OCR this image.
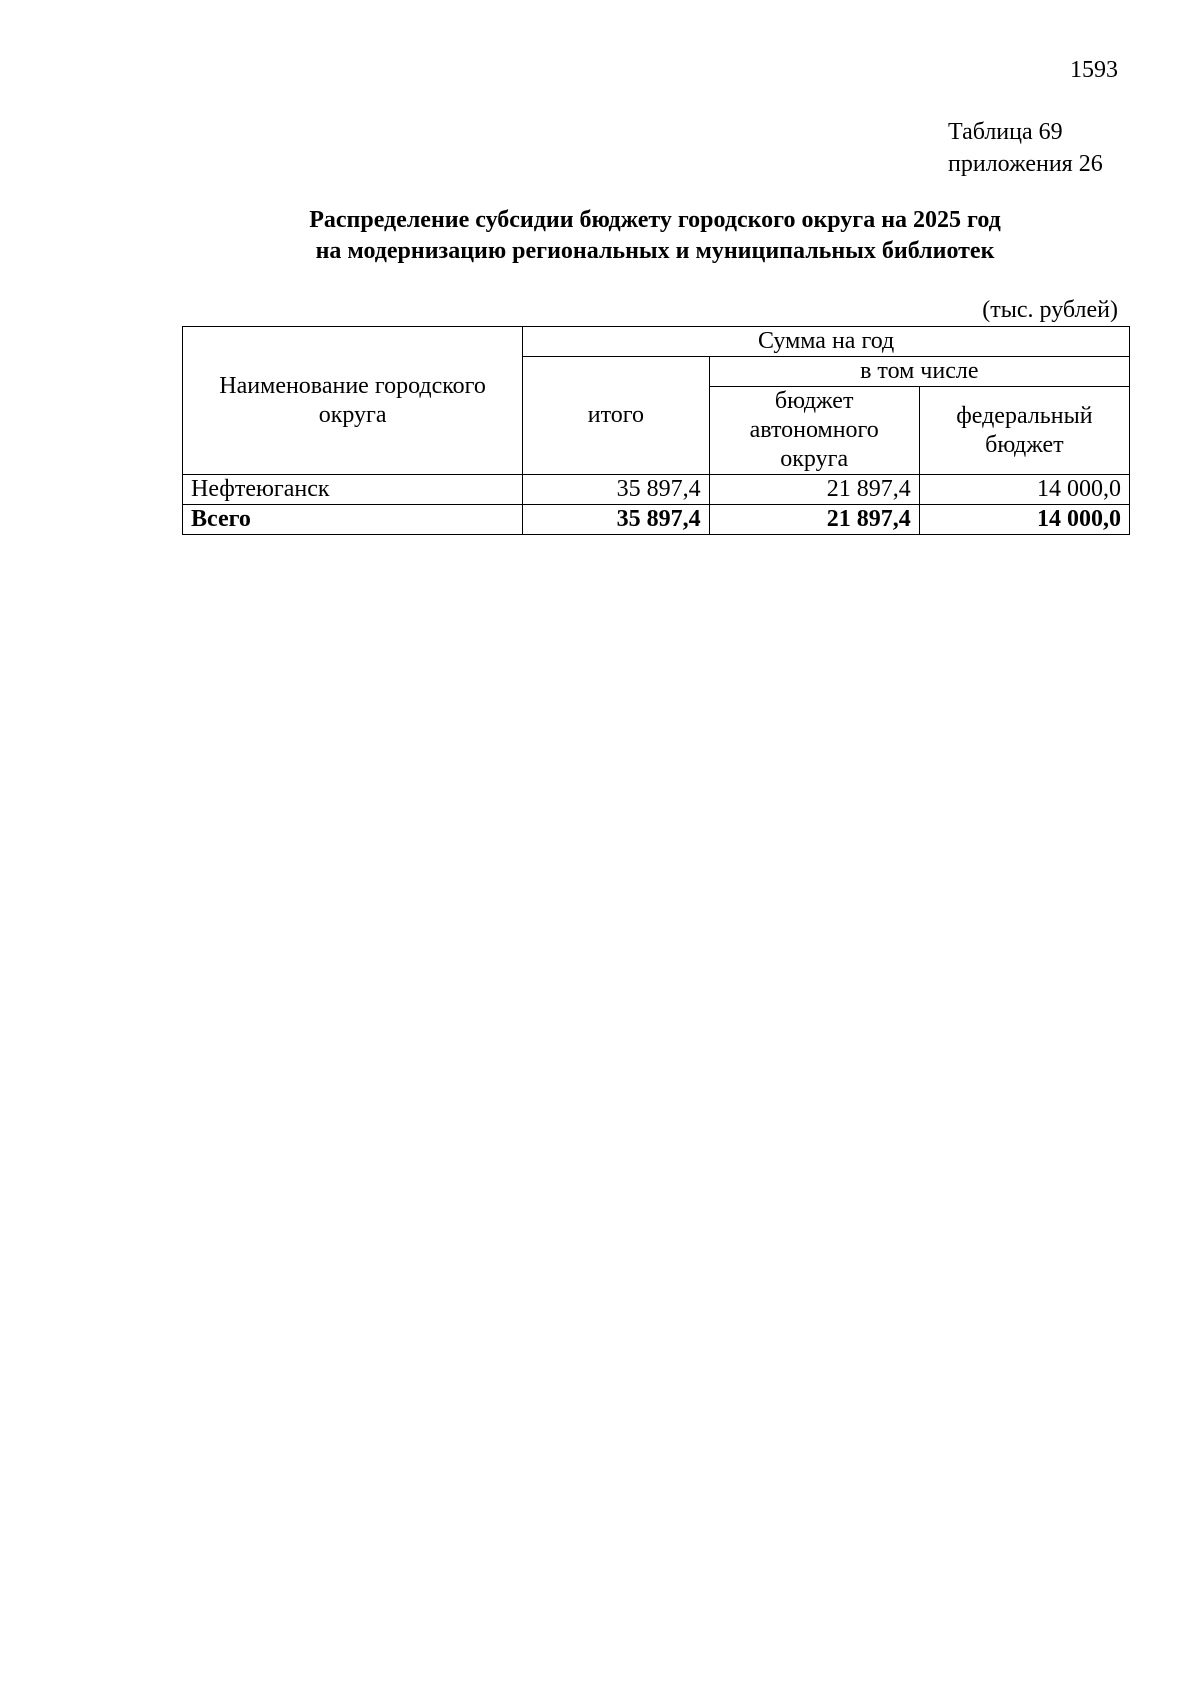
1593
Таблица 69
приложения 26
Распределение субсидии бюджету городского округа на 2025 год
на модернизацию региональных и муниципальных библиотек
(тыс. рублей)
Наименование городского округа	Сумма на год		
	итого	в том числе	
		бюджет автономного округа	федеральный бюджет
Нефтеюганск	35 897,4	21 897,4	14 000,0
Всего	35 897,4	21 897,4	14 000,0
